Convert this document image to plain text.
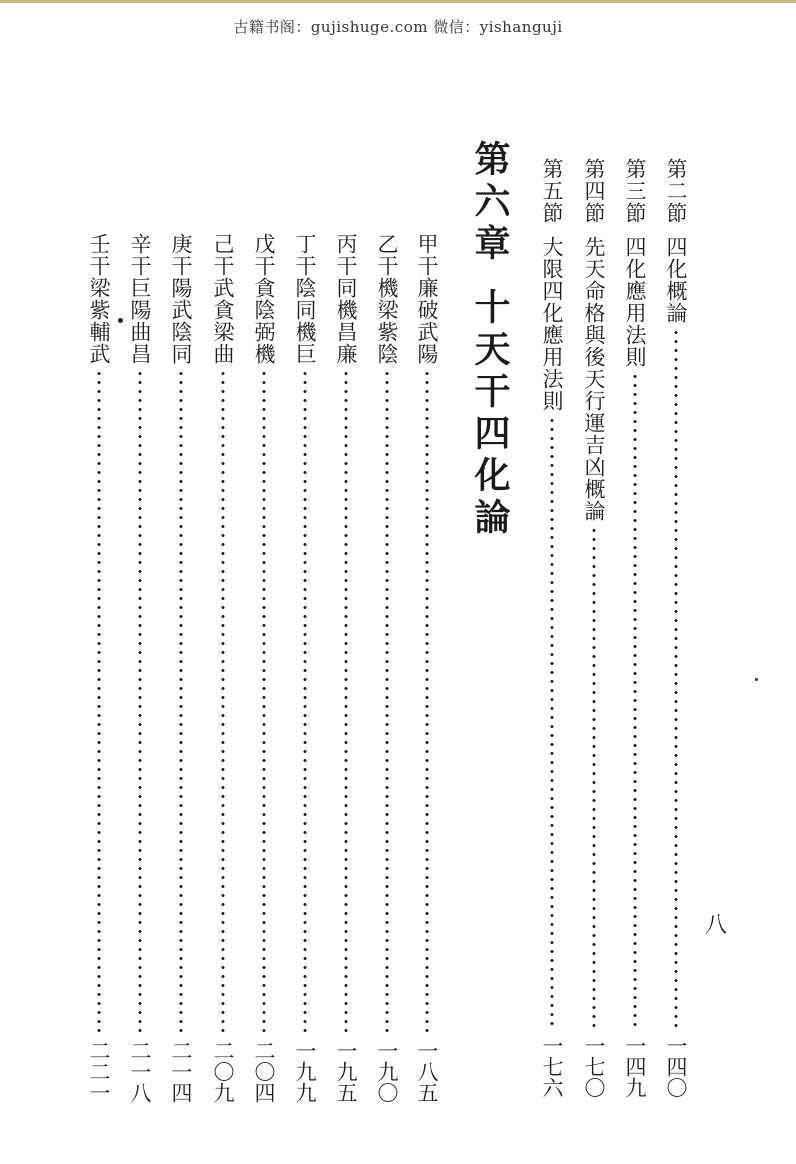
古籍书阁：gujishuge.com 微信：yishanguji
第二節四化概論
一四〇
第三節四化應用法則
一四九
第四節先天命格與後天行運吉凶概論
一七〇
第五節大限四化應用法則
一七六
第六章十天干四化論
甲干廉破武陽
一八五
乙干機梁紫陰
一九〇
丙干同機昌廉
一九五
丁干陰同機巨
一九九
戊干貪陰弼機
二〇四
己干武貪梁曲
二〇九
庚干陽武陰同
二一四
辛干巨陽曲昌
二一八
壬干梁紫輔武
二二一
八
